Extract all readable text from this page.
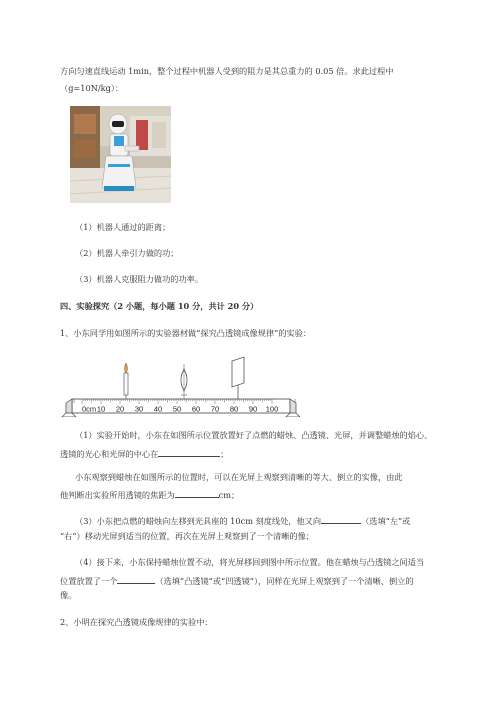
方向匀速直线运动 1min，整个过程中机器人受到的阻力是其总重力的 0.05 倍。求此过程中
（g=10N/kg）：
（1）机器人通过的距离；
（2）机器人牵引力做的功；
（3）机器人克服阻力做功的功率。
四、实验探究（2 小题，每小题 10 分，共计 20 分）
1、小东同学用如图所示的实验器材做“探究凸透镜成像规律”的实验：
0cm 10 20 30 40 50 60 70 80 90 100
（1）实验开始时，小东在如图所示位置放置好了点燃的蜡烛、凸透镜、光屏，并调整蜡烛的焰心、
透镜的光心和光屏的中心在	；
小东观察到蜡烛在如图所示的位置时，可以在光屏上观察到清晰的等大、倒立的实像，由此
他判断出实验所用透镜的焦距为	cm；
（3）小东把点燃的蜡烛向左移到光具座的 10cm 刻度线处，他又向	（选填“左”或
“右”）移动光屏到适当的位置，再次在光屏上观察到了一个清晰的像；
（4）接下来，小东保持蜡烛位置不动，将光屏移回到图中所示位置。他在蜡烛与凸透镜之间适当
位置放置了一个	（选填“凸透镜”或“凹透镜”），同样在光屏上观察到了一个清晰、倒立的
像。
2、小明在探究凸透镜成像规律的实验中：
